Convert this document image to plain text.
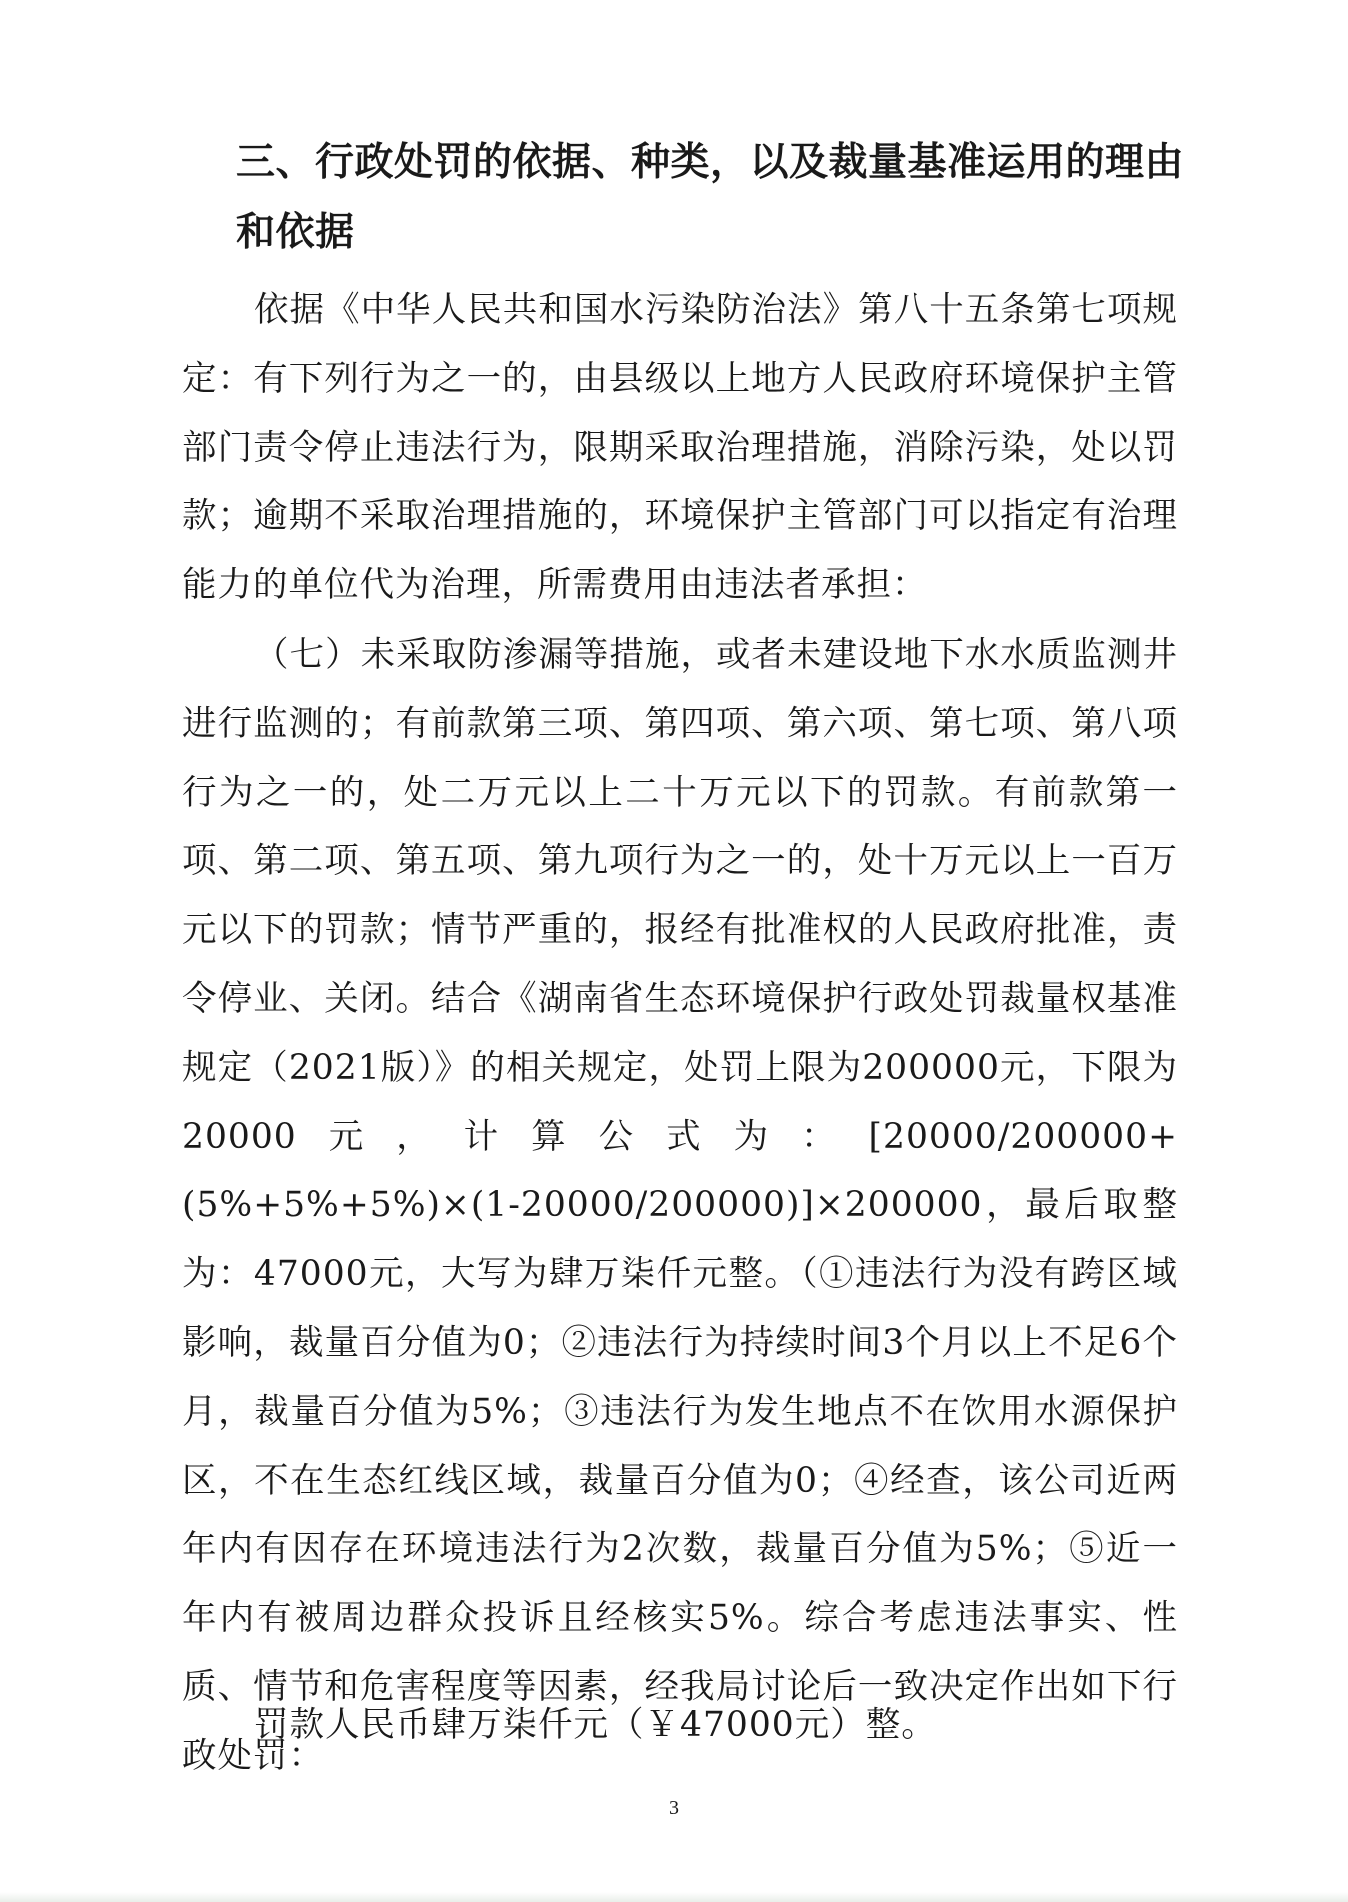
三、行政处罚的依据、种类，以及裁量基准运用的理由和依据

依据《中华人民共和国水污染防治法》第八十五条第七项规定：有下列行为之一的，由县级以上地方人民政府环境保护主管部门责令停止违法行为，限期采取治理措施，消除污染，处以罚款；逾期不采取治理措施的，环境保护主管部门可以指定有治理能力的单位代为治理，所需费用由违法者承担：

（七）未采取防渗漏等措施，或者未建设地下水水质监测井进行监测的；有前款第三项、第四项、第六项、第七项、第八项行为之一的，处二万元以上二十万元以下的罚款。有前款第一项、第二项、第五项、第九项行为之一的，处十万元以上一百万元以下的罚款；情节严重的，报经有批准权的人民政府批准，责令停业、关闭。结合《湖南省生态环境保护行政处罚裁量权基准规定（2021版）》的相关规定，处罚上限为200000元，下限为20000元，计算公式为：[20000/200000+(5%+5%+5%)×(1-20000/200000)]×200000，最后取整为：47000元，大写为肆万柒仟元整。（①违法行为没有跨区域影响，裁量百分值为0；②违法行为持续时间3个月以上不足6个月，裁量百分值为5%；③违法行为发生地点不在饮用水源保护区，不在生态红线区域，裁量百分值为0；④经查，该公司近两年内有因存在环境违法行为2次数，裁量百分值为5%；⑤近一年内有被周边群众投诉且经核实5%。综合考虑违法事实、性质、情节和危害程度等因素，经我局讨论后一致决定作出如下行政处罚：

罚款人民币肆万柒仟元（￥47000元）整。

3
